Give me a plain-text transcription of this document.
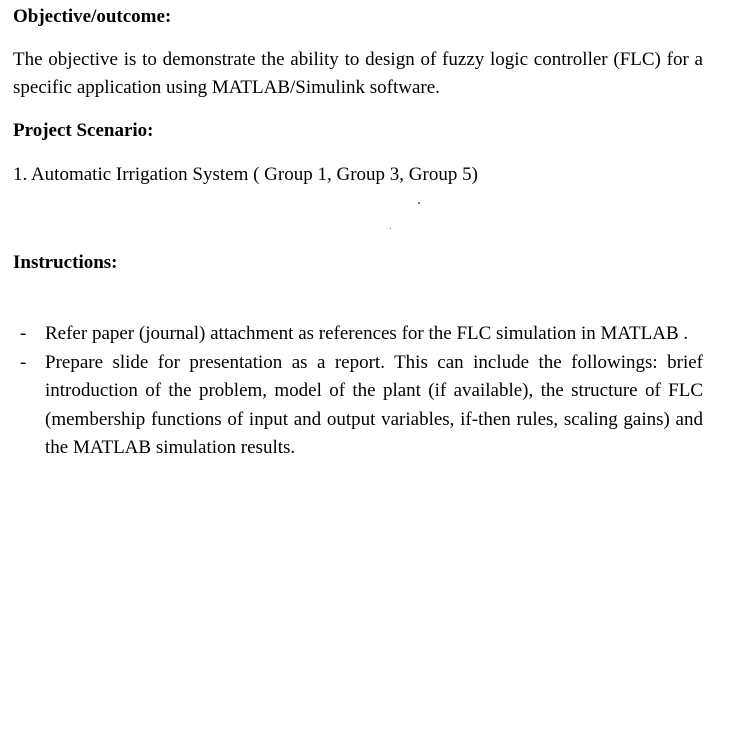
Objective/outcome:

The objective is to demonstrate the ability to design of fuzzy logic controller (FLC) for a specific application using MATLAB/Simulink software.

Project Scenario:

1. Automatic Irrigation System ( Group 1, Group 3, Group 5)

Instructions:
- Refer paper (journal) attachment as references for the FLC simulation in MATLAB .
- Prepare slide for presentation as a report. This can include the followings: brief introduction of the problem, model of the plant (if available), the structure of FLC (membership functions of input and output variables, if-then rules, scaling gains) and the MATLAB simulation results.
